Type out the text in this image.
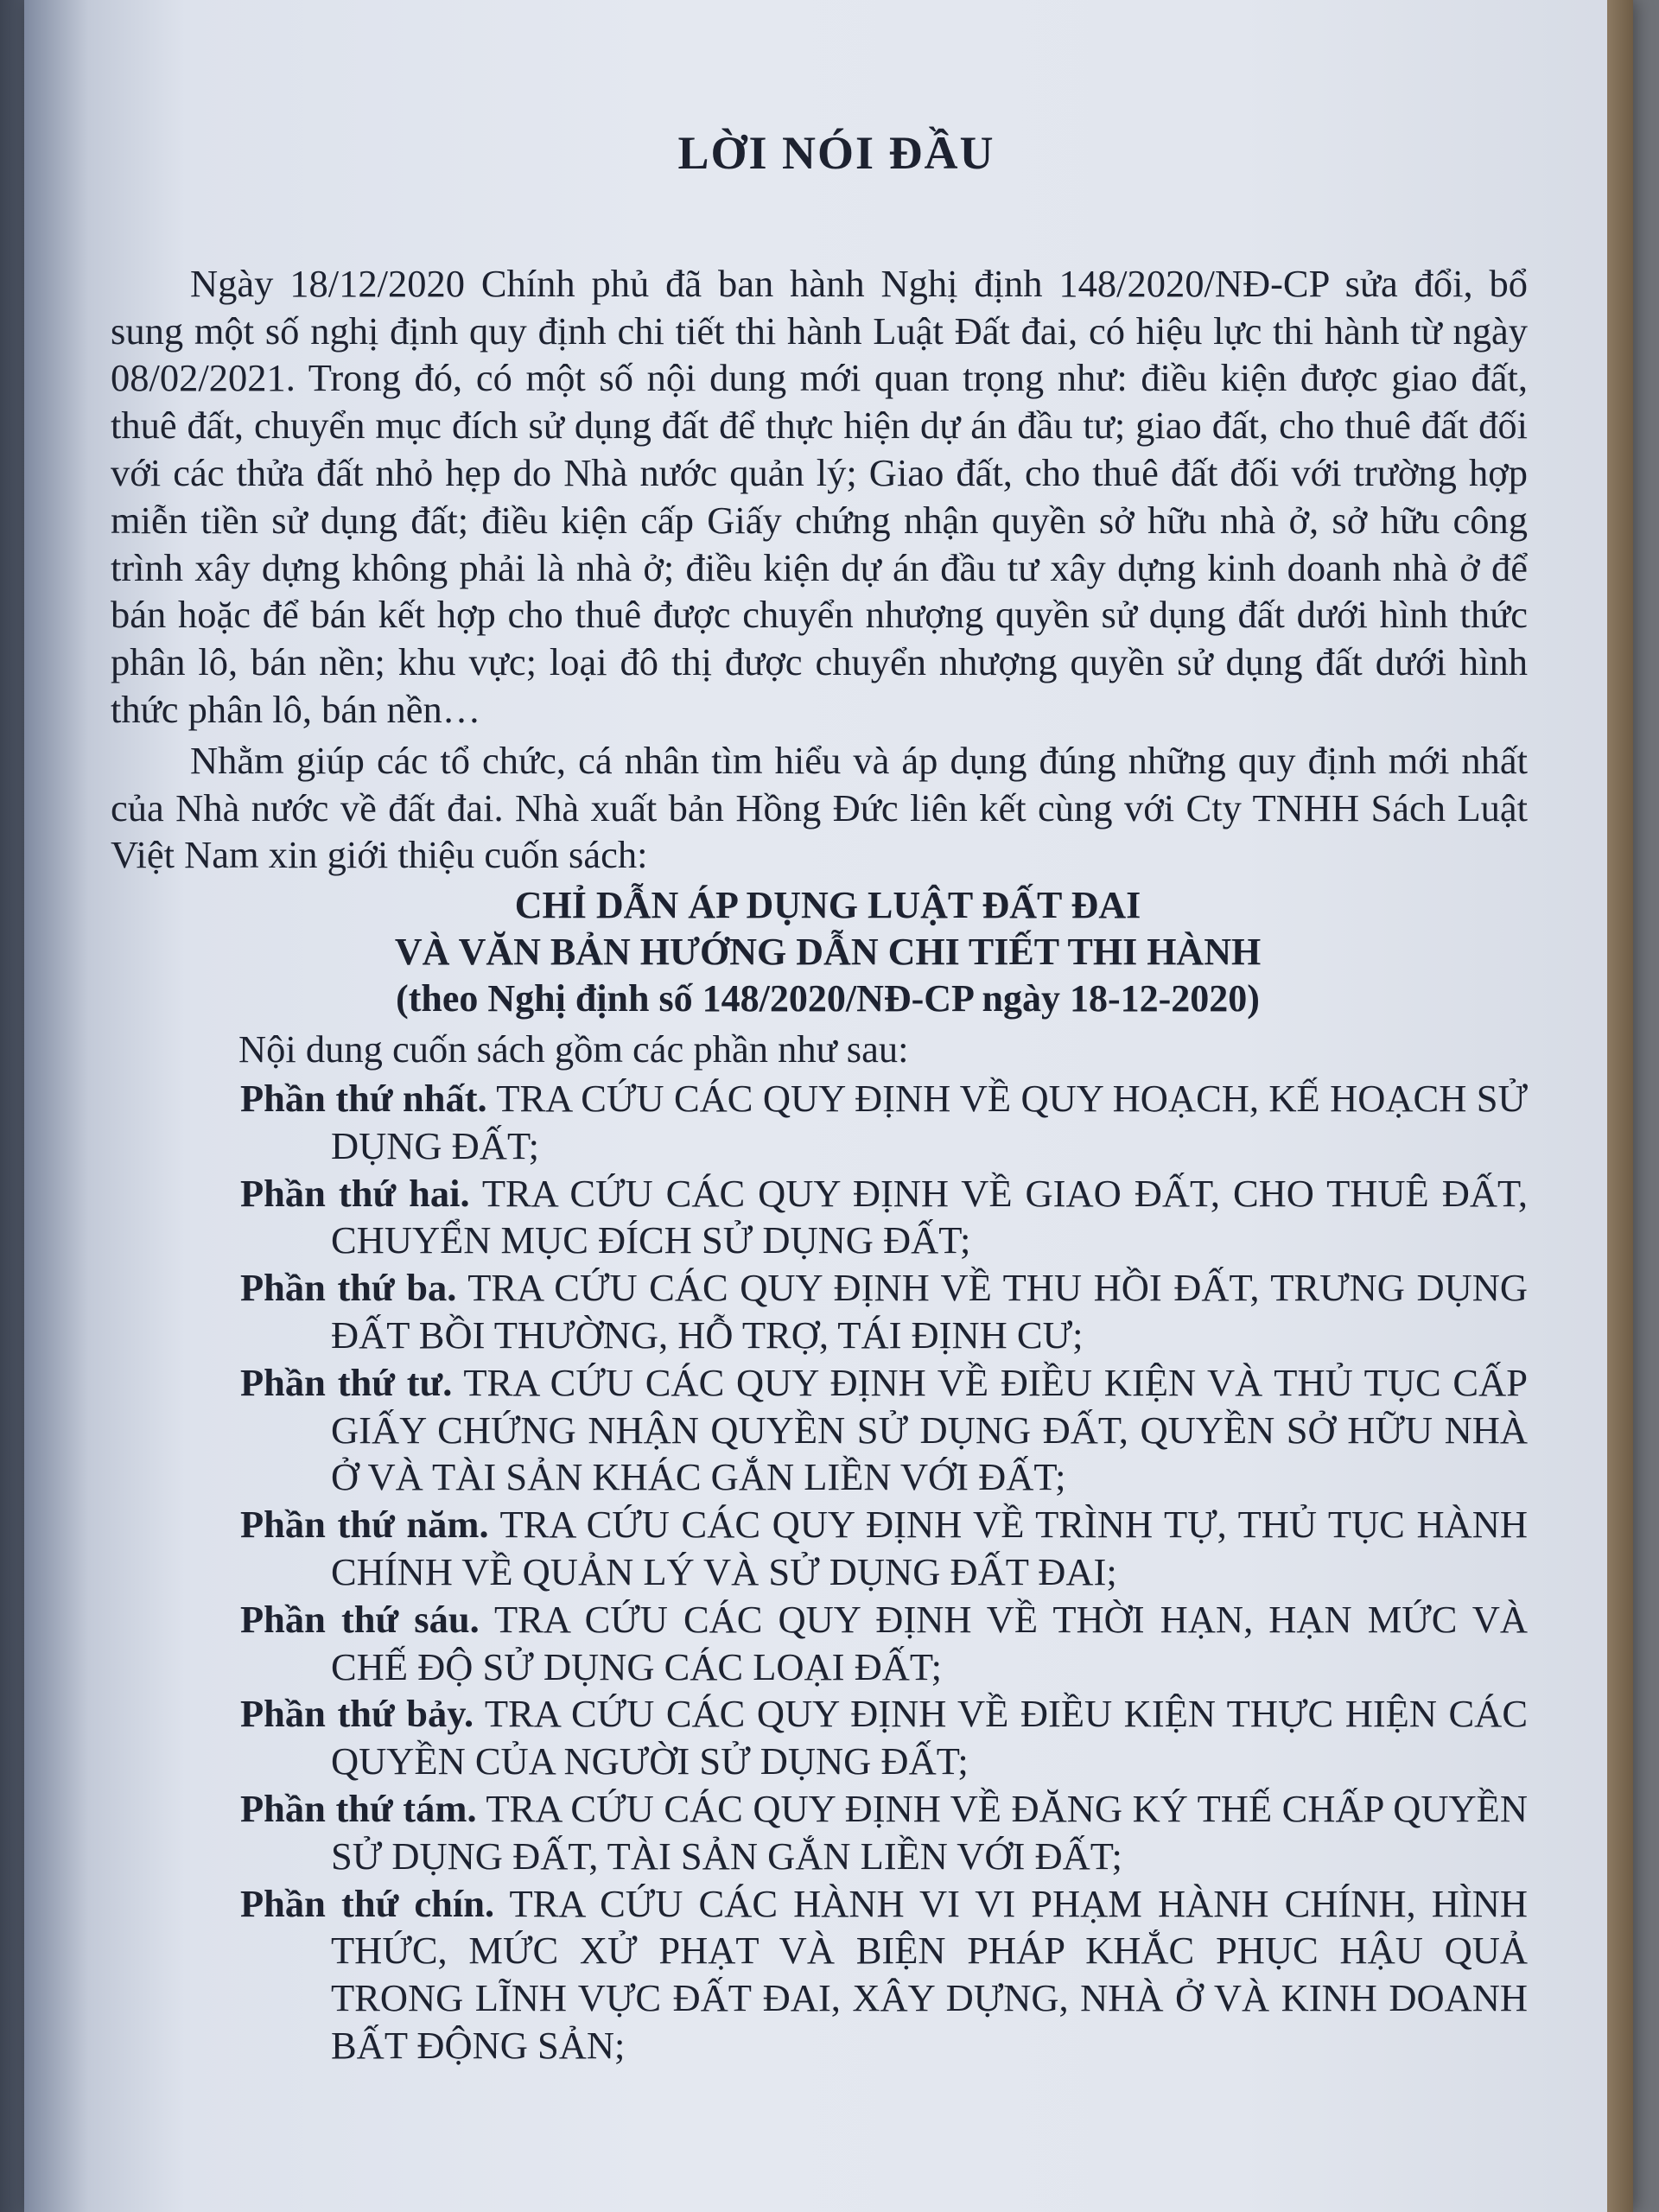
LỜI NÓI ĐẦU

Ngày 18/12/2020 Chính phủ đã ban hành Nghị định 148/2020/NĐ-CP sửa đổi, bổ sung một số nghị định quy định chi tiết thi hành Luật Đất đai, có hiệu lực thi hành từ ngày 08/02/2021. Trong đó, có một số nội dung mới quan trọng như: điều kiện được giao đất, thuê đất, chuyển mục đích sử dụng đất để thực hiện dự án đầu tư; giao đất, cho thuê đất đối với các thửa đất nhỏ hẹp do Nhà nước quản lý; Giao đất, cho thuê đất đối với trường hợp miễn tiền sử dụng đất; điều kiện cấp Giấy chứng nhận quyền sở hữu nhà ở, sở hữu công trình xây dựng không phải là nhà ở; điều kiện dự án đầu tư xây dựng kinh doanh nhà ở để bán hoặc để bán kết hợp cho thuê được chuyển nhượng quyền sử dụng đất dưới hình thức phân lô, bán nền; khu vực; loại đô thị được chuyển nhượng quyền sử dụng đất dưới hình thức phân lô, bán nền…

Nhằm giúp các tổ chức, cá nhân tìm hiểu và áp dụng đúng những quy định mới nhất của Nhà nước về đất đai. Nhà xuất bản Hồng Đức liên kết cùng với Cty TNHH Sách Luật Việt Nam xin giới thiệu cuốn sách:

CHỈ DẪN ÁP DỤNG LUẬT ĐẤT ĐAI

VÀ VĂN BẢN HƯỚNG DẪN CHI TIẾT THI HÀNH

(theo Nghị định số 148/2020/NĐ-CP ngày 18-12-2020)

Nội dung cuốn sách gồm các phần như sau:

Phần thứ nhất. TRA CỨU CÁC QUY ĐỊNH VỀ QUY HOẠCH, KẾ HOẠCH SỬ DỤNG ĐẤT;

Phần thứ hai. TRA CỨU CÁC QUY ĐỊNH VỀ GIAO ĐẤT, CHO THUÊ ĐẤT, CHUYỂN MỤC ĐÍCH SỬ DỤNG ĐẤT;

Phần thứ ba. TRA CỨU CÁC QUY ĐỊNH VỀ THU HỒI ĐẤT, TRƯNG DỤNG ĐẤT BỒI THƯỜNG, HỖ TRỢ, TÁI ĐỊNH CƯ;

Phần thứ tư. TRA CỨU CÁC QUY ĐỊNH VỀ ĐIỀU KIỆN VÀ THỦ TỤC CẤP GIẤY CHỨNG NHẬN QUYỀN SỬ DỤNG ĐẤT, QUYỀN SỞ HỮU NHÀ Ở VÀ TÀI SẢN KHÁC GẮN LIỀN VỚI ĐẤT;

Phần thứ năm. TRA CỨU CÁC QUY ĐỊNH VỀ TRÌNH TỰ, THỦ TỤC HÀNH CHÍNH VỀ QUẢN LÝ VÀ SỬ DỤNG ĐẤT ĐAI;

Phần thứ sáu. TRA CỨU CÁC QUY ĐỊNH VỀ THỜI HẠN, HẠN MỨC VÀ CHẾ ĐỘ SỬ DỤNG CÁC LOẠI ĐẤT;

Phần thứ bảy. TRA CỨU CÁC QUY ĐỊNH VỀ ĐIỀU KIỆN THỰC HIỆN CÁC QUYỀN CỦA NGƯỜI SỬ DỤNG ĐẤT;

Phần thứ tám. TRA CỨU CÁC QUY ĐỊNH VỀ ĐĂNG KÝ THẾ CHẤP QUYỀN SỬ DỤNG ĐẤT, TÀI SẢN GẮN LIỀN VỚI ĐẤT;

Phần thứ chín. TRA CỨU CÁC HÀNH VI VI PHẠM HÀNH CHÍNH, HÌNH THỨC, MỨC XỬ PHẠT VÀ BIỆN PHÁP KHẮC PHỤC HẬU QUẢ TRONG LĨNH VỰC ĐẤT ĐAI, XÂY DỰNG, NHÀ Ở VÀ KINH DOANH BẤT ĐỘNG SẢN;
